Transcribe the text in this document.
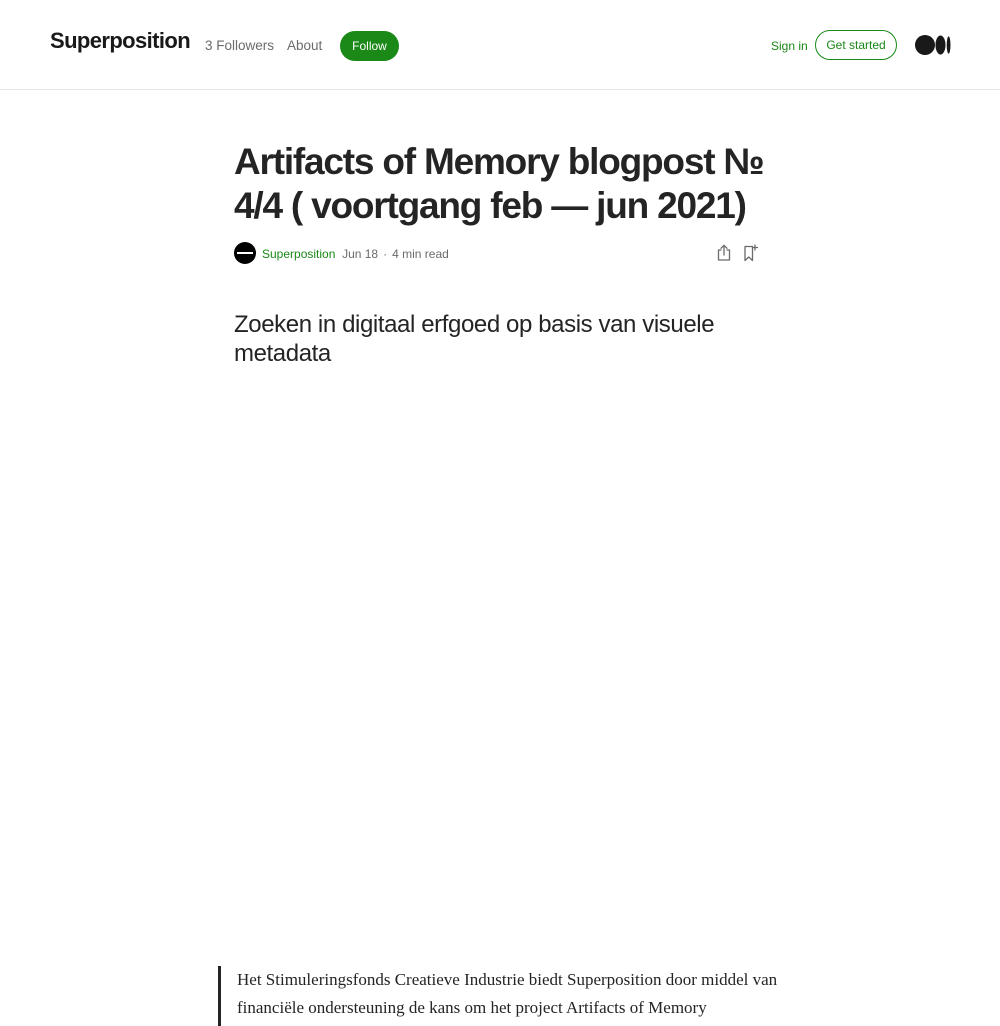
Superposition 3 Followers About	Follow	Sign in	Get started
Artifacts of Memory blogpost № 4/4 ( voortgang feb — jun 2021)
Superposition Jun 18 · 4 min read
Zoeken in digitaal erfgoed op basis van visuele metadata
Het Stimuleringsfonds Creatieve Industrie biedt Superposition door middel van financiële ondersteuning de kans om het project Artifacts of Memory
